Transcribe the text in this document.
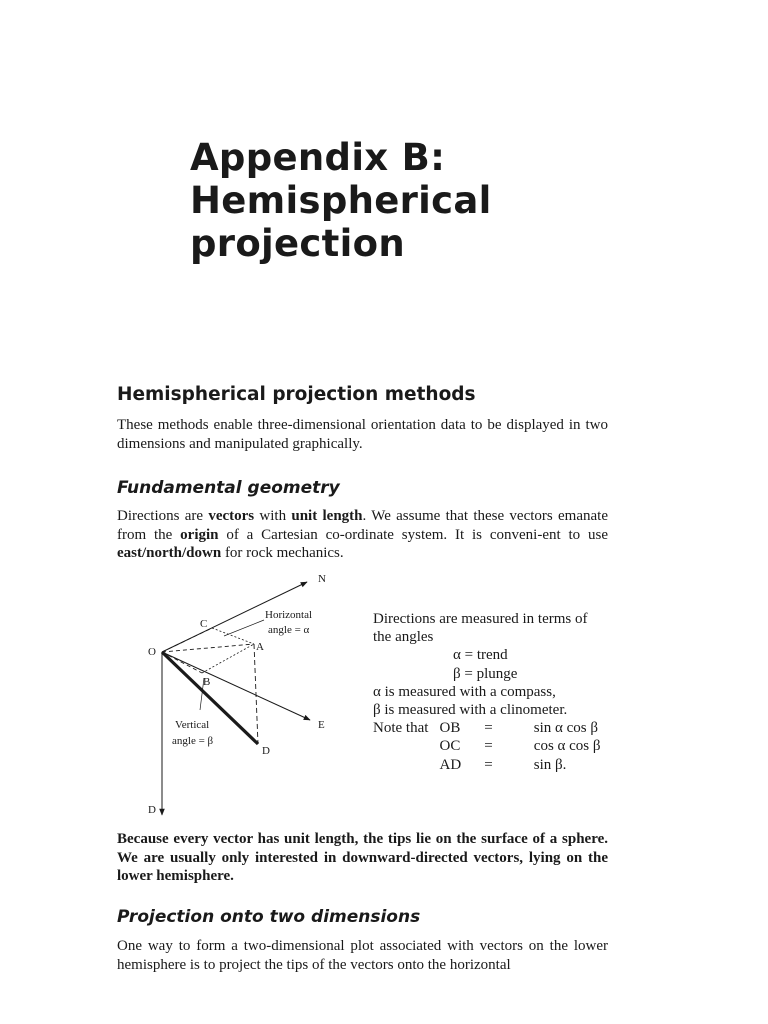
Appendix B:
Hemispherical
projection
Hemispherical projection methods

These methods enable three-dimensional orientation data to be displayed in two dimensions and manipulated graphically.

Fundamental geometry

Directions are vectors with unit length. We assume that these vectors emanate from the origin of a Cartesian co-ordinate system. It is conveni-ent to use east/north/down for rock mechanics.

N
C
O	A
B
E
D
D
Horizontal
angle = α
Vertical
angle = β
Directions are measured in terms of
the angles
α = trend
β = plunge
α is measured with a compass,
β is measured with a clinometer.
Note that	OB	=	sin α cos β
	OC	=	cos α cos β
	AD	=	sin β.

Because every vector has unit length, the tips lie on the surface of a sphere. We are usually only interested in downward-directed vectors, lying on the lower hemisphere.

Projection onto two dimensions

One way to form a two-dimensional plot associated with vectors on the lower hemisphere is to project the tips of the vectors onto the horizontal
